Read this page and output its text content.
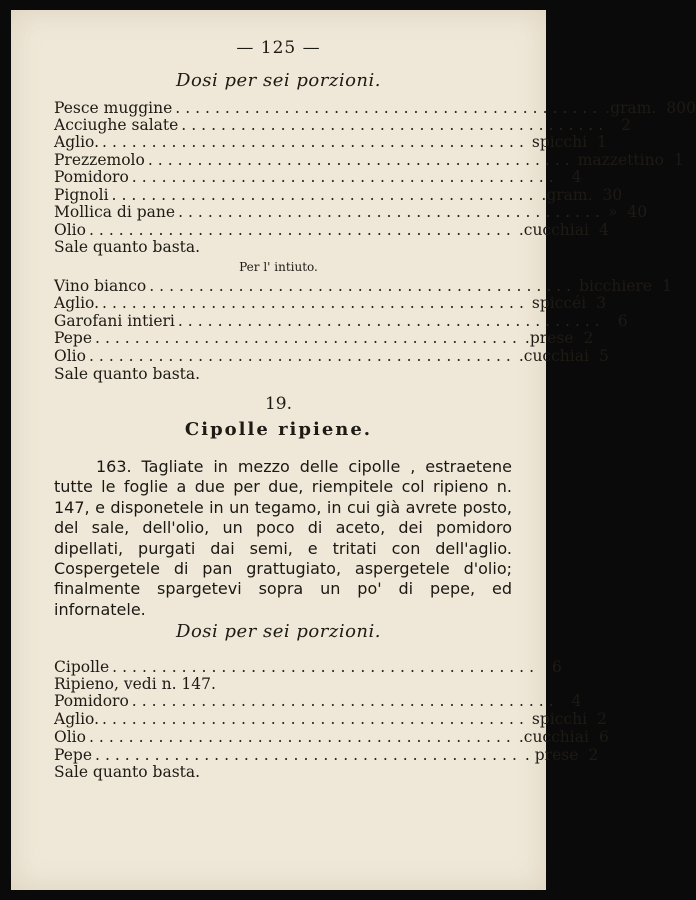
— 125 —
Dosi per sei porzioni.
Pesce muggine ........................................... .gram. 800
Acciughe salate ........................................... 2
Aglio. ........................................... spicchi 1
Prezzemolo ........................................... mazzettino 1
Pomidoro ........................................... 4
Pignoli ........................................... .gram. 30
Mollica di pane ........................................... » 40
Olio ........................................... .cucchiai 4
Sale quanto basta.
Per l' intiuto.
Vino bianco ........................................... bicchiere 1
Aglio. ........................................... spiccéi 3
Garofani intieri ........................................... 6
Pepe ........................................... .prese 2
Olio ........................................... .cucchiai 5
Sale quanto basta.
19.
Cipolle ripiene.
163. Tagliate in mezzo delle cipolle , estraetene tutte le foglie a due per due, riempitele col ripieno n. 147, e disponetele in un tegamo, in cui già avrete posto, del sale, dell'olio, un poco di aceto, dei pomidoro dipellati, purgati dai semi, e tritati con dell'aglio. Cospergetele di pan grattugiato, aspergetele d'olio; finalmente spargetevi sopra un po' di pepe, ed infornatele.
Dosi per sei porzioni.
Cipolle ........................................... 6
Ripieno, vedi n. 147.
Pomidoro ........................................... 4
Aglio. ........................................... spicchi 2
Olio ........................................... .cucchiai 6
Pepe ........................................... . prese 2
Sale quanto basta.
